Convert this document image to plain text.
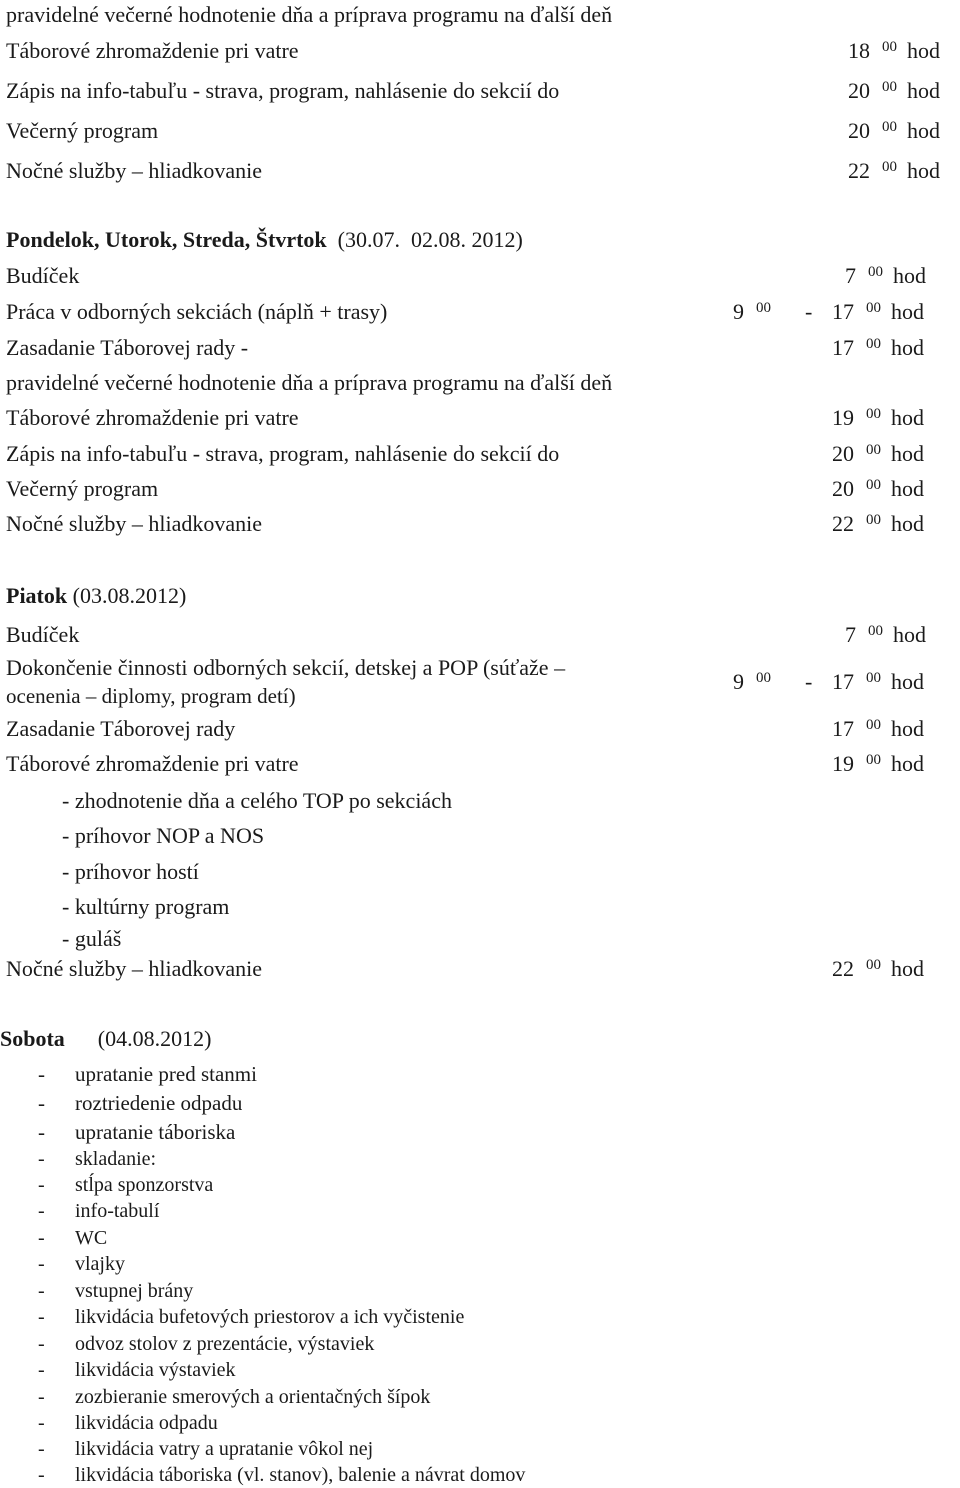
pravidelné večerné hodnotenie dňa a príprava programu na ďalší deň
Táborové zhromaždenie pri vatre	18 $^{00}$ hod
Zápis na info-tabuľu - strava, program, nahlásenie do sekcií do	20 $^{00}$ hod
Večerný program	20 $^{00}$ hod
Nočné služby – hliadkovanie	22 $^{00}$ hod
Pondelok, Utorok, Streda, Štvrtok  (30.07.  02.08. 2012)
Budíček	7 $^{00}$ hod
Práca v odborných sekciách (náplň + trasy)	9 $^{00}$	- 17 $^{00}$ hod
Zasadanie Táborovej rady -	17 $^{00}$ hod
pravidelné večerné hodnotenie dňa a príprava programu na ďalší deň
Táborové zhromaždenie pri vatre	19 $^{00}$ hod
Zápis na info-tabuľu - strava, program, nahlásenie do sekcií do	20 $^{00}$ hod
Večerný program	20 $^{00}$ hod
Nočné služby – hliadkovanie	22 $^{00}$ hod
Piatok (03.08.2012)
Budíček	7 $^{00}$ hod
Dokončenie činnosti odborných sekcií, detskej a POP (súťaže –
ocenenia – diplomy, program detí)
9 $^{00}$	- 17 $^{00}$ hod
Zasadanie Táborovej rady	17 $^{00}$ hod
Táborové zhromaždenie pri vatre	19 $^{00}$ hod
- zhodnotenie dňa a celého TOP po sekciách
- príhovor NOP a NOS
- príhovor hostí
- kultúrny program
- guláš
Nočné služby – hliadkovanie	22 $^{00}$ hod
Sobota      (04.08.2012)
- upratanie pred stanmi
- roztriedenie odpadu
- upratanie táboriska
- skladanie:
- stĺpa sponzorstva
- info-tabulí
- WC
- vlajky
- vstupnej brány
- likvidácia bufetových priestorov a ich vyčistenie
- odvoz stolov z prezentácie, výstaviek
- likvidácia výstaviek
- zozbieranie smerových a orientačných šípok
- likvidácia odpadu
- likvidácia vatry a upratanie vôkol nej
- likvidácia táboriska (vl. stanov), balenie a návrat domov
